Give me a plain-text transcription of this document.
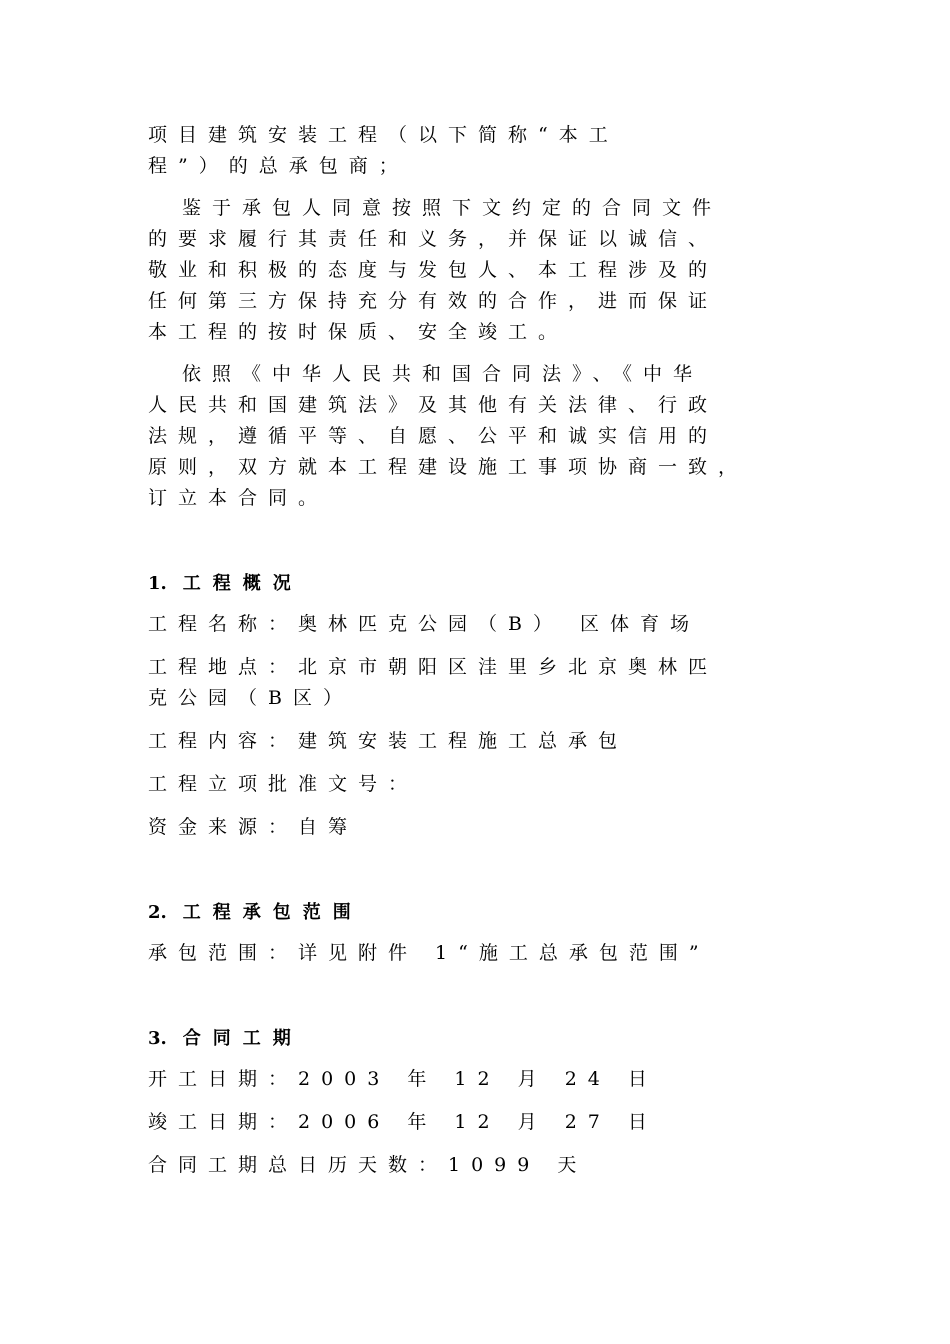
项目建筑安装工程（以下简称“本工
程”）的总承包商；
鉴于承包人同意按照下文约定的合同文件
的要求履行其责任和义务，并保证以诚信、
敬业和积极的态度与发包人、本工程涉及的
任何第三方保持充分有效的合作，进而保证
本工程的按时保质、安全竣工。
依照《中华人民共和国合同法》、《中华
人民共和国建筑法》及其他有关法律、行政
法规，遵循平等、自愿、公平和诚实信用的
原则，双方就本工程建设施工事项协商一致，
订立本合同。
1. 工程概况
工程名称：奥林匹克公园（B） 区体育场
工程地点：北京市朝阳区洼里乡北京奥林匹
克公园（B区）
工程内容：建筑安装工程施工总承包
工程立项批准文号：
资金来源：自筹
2. 工程承包范围
承包范围：详见附件 1“施工总承包范围”
3. 合同工期
开工日期：2003 年 12 月 24 日
竣工日期：2006 年 12 月 27 日
合同工期总日历天数：1099 天
